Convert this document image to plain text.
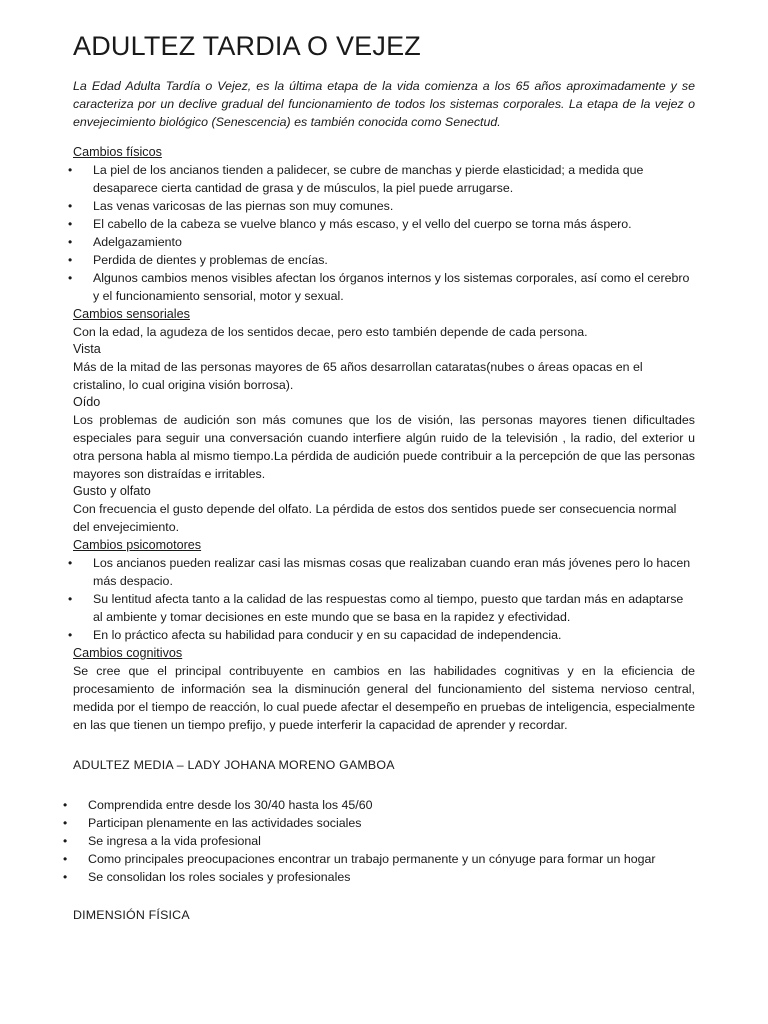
ADULTEZ TARDIA O VEJEZ

La Edad Adulta Tardía o Vejez, es la última etapa de la vida comienza a los 65 años aproximadamente y se caracteriza por un declive gradual del funcionamiento de todos los sistemas corporales. La etapa de la vejez o envejecimiento biológico (Senescencia) es también conocida como Senectud.

Cambios físicos

• La piel de los ancianos tienden a palidecer, se cubre de manchas y pierde elasticidad; a medida que desaparece cierta cantidad de grasa y de músculos, la piel puede arrugarse.
• Las venas varicosas de las piernas son muy comunes.
• El cabello de la cabeza se vuelve blanco y más escaso, y el vello del cuerpo se torna más áspero.
• Adelgazamiento
• Perdida de dientes y problemas de encías.
• Algunos cambios menos visibles afectan los órganos internos y los sistemas corporales, así como el cerebro y el funcionamiento sensorial, motor y sexual.

Cambios sensoriales

Con la edad, la agudeza de los sentidos decae, pero esto también depende de cada persona.

Vista

Más de la mitad de las personas mayores de 65 años desarrollan cataratas(nubes o áreas opacas en el cristalino, lo cual origina visión borrosa).

Oído

Los problemas de audición son más comunes que los de visión, las personas mayores tienen dificultades especiales para seguir una conversación cuando interfiere algún ruido de la televisión , la radio, del exterior u otra persona habla al mismo tiempo.La pérdida de audición puede contribuir a la percepción de que las personas mayores son distraídas e irritables.

Gusto y olfato

Con frecuencia el gusto depende del olfato. La pérdida de estos dos sentidos puede ser consecuencia normal del envejecimiento.

Cambios psicomotores

• Los ancianos pueden realizar casi las mismas cosas que realizaban cuando eran más jóvenes pero lo hacen más despacio.
• Su lentitud afecta tanto a la calidad de las respuestas como al tiempo, puesto que tardan más en adaptarse al ambiente y tomar decisiones en este mundo que se basa en la rapidez y efectividad.
• En lo práctico afecta su habilidad para conducir y en su capacidad de independencia.

Cambios cognitivos

Se cree que el principal contribuyente en cambios en las habilidades cognitivas y en la eficiencia de procesamiento de información sea la disminución general del funcionamiento del sistema nervioso central, medida por el tiempo de reacción, lo cual puede afectar el desempeño en pruebas de inteligencia, especialmente en las que tienen un tiempo prefijo, y puede interferir la capacidad de aprender y recordar.

ADULTEZ MEDIA – LADY JOHANA MORENO GAMBOA

• Comprendida entre desde los 30/40 hasta los 45/60
• Participan plenamente en las actividades sociales
• Se ingresa a la vida profesional
• Como principales preocupaciones encontrar un trabajo permanente y un cónyuge para formar un hogar
• Se consolidan los roles sociales y profesionales

DIMENSIÓN FÍSICA
